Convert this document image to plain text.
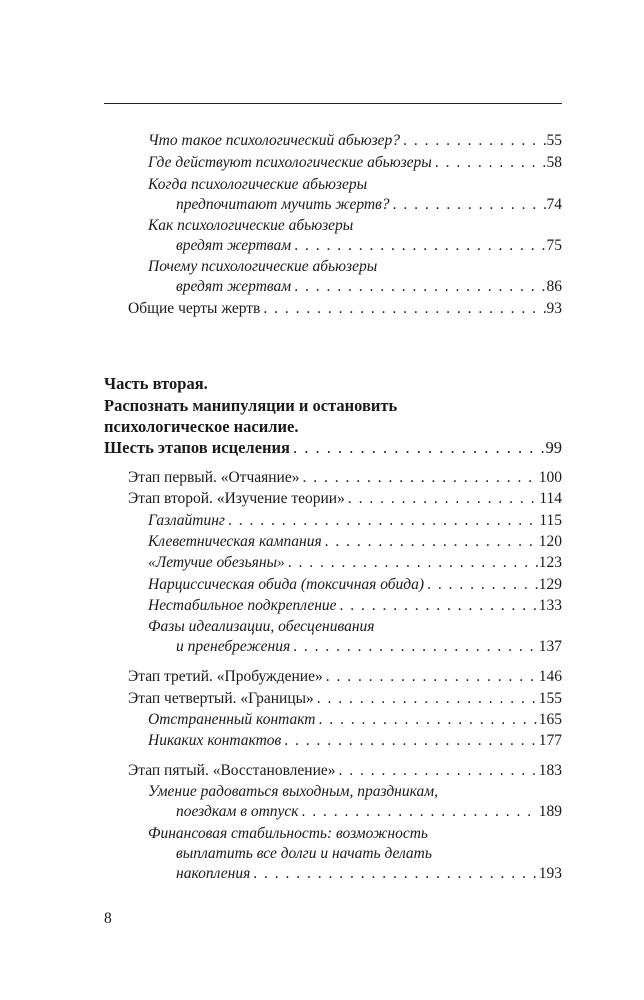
Что такое психологический абьюзер? . . .	55
Где действуют психологические абьюзеры . . .	58
Когда психологические абьюзеры
предпочитают мучить жертв? . . .	74
Как психологические абьюзеры
вредят жертвам . . .	75
Почему психологические абьюзеры
вредят жертвам . . .	86
Общие черты жертв . . .	93
Часть вторая.
Распознать манипуляции и остановить
психологическое насилие.
Шесть этапов исцеления . . .	99
Этап первый. «Отчаяние» . . .	100
Этап второй. «Изучение теории» . . .	114
Газлайтинг . . .	115
Клеветническая кампания . . .	120
«Летучие обезьяны» . . .	123
Нарциссическая обида (токсичная обида) . . .	129
Нестабильное подкрепление . . .	133
Фазы идеализации, обесценивания
и пренебрежения . . .	137
Этап третий. «Пробуждение» . . .	146
Этап четвертый. «Границы» . . .	155
Отстраненный контакт . . .	165
Никаких контактов . . .	177
Этап пятый. «Восстановление» . . .	183
Умение радоваться выходным, праздникам,
поездкам в отпуск . . .	189
Финансовая стабильность: возможность
выплатить все долги и начать делать
накопления . . .	193
8
